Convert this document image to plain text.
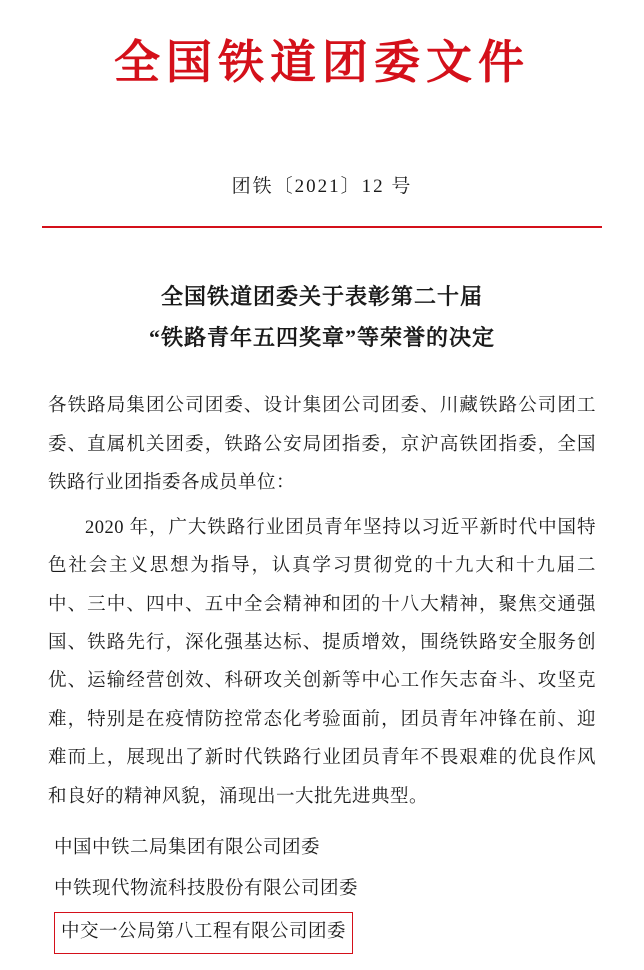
全国铁道团委文件
团铁〔2021〕12 号
全国铁道团委关于表彰第二十届
“铁路青年五四奖章”等荣誉的决定

各铁路局集团公司团委、设计集团公司团委、川藏铁路公司团工委、直属机关团委，铁路公安局团指委，京沪高铁团指委，全国铁路行业团指委各成员单位：

2020 年，广大铁路行业团员青年坚持以习近平新时代中国特色社会主义思想为指导，认真学习贯彻党的十九大和十九届二中、三中、四中、五中全会精神和团的十八大精神，聚焦交通强国、铁路先行，深化强基达标、提质增效，围绕铁路安全服务创优、运输经营创效、科研攻关创新等中心工作矢志奋斗、攻坚克难，特别是在疫情防控常态化考验面前，团员青年冲锋在前、迎难而上，展现出了新时代铁路行业团员青年不畏艰难的优良作风和良好的精神风貌，涌现出一大批先进典型。

中国中铁二局集团有限公司团委
中铁现代物流科技股份有限公司团委
中交一公局第八工程有限公司团委
